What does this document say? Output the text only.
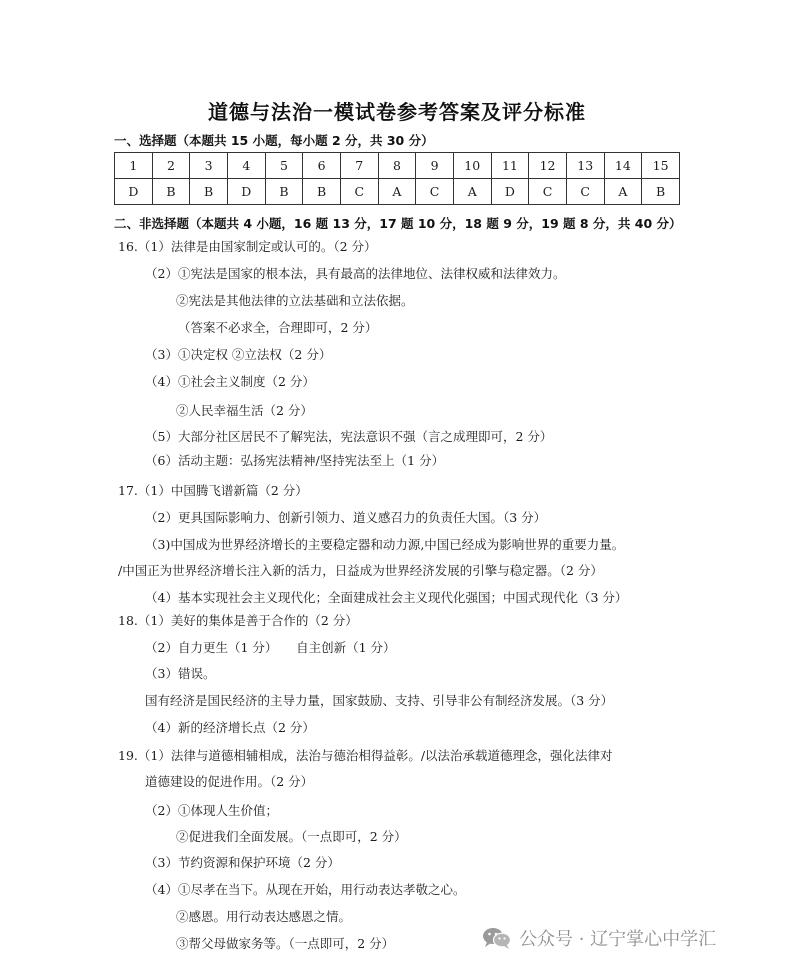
道德与法治一模试卷参考答案及评分标准
一、选择题（本题共 15 小题，每小题 2 分，共 30 分）
1	2	3	4	5	6	7	8	9	10	11	12	13	14	15
D	B	B	D	B	B	C	A	C	A	D	C	C	A	B
二、非选择题（本题共 4 小题，16 题 13 分，17 题 10 分，18 题 9 分，19 题 8 分，共 40 分）
16.（1）法律是由国家制定或认可的。（2 分）
（2）①宪法是国家的根本法，具有最高的法律地位、法律权威和法律效力。
②宪法是其他法律的立法基础和立法依据。
（答案不必求全，合理即可，2 分）
（3）①决定权 ②立法权（2 分）
（4）①社会主义制度（2 分）
②人民幸福生活（2 分）
（5）大部分社区居民不了解宪法，宪法意识不强（言之成理即可，2 分）
（6）活动主题：弘扬宪法精神/坚持宪法至上（1 分）
17.（1）中国腾飞谱新篇（2 分）
（2）更具国际影响力、创新引领力、道义感召力的负责任大国。（3 分）
（3)中国成为世界经济增长的主要稳定器和动力源,中国已经成为影响世界的重要力量。
/中国正为世界经济增长注入新的活力，日益成为世界经济发展的引擎与稳定器。（2 分）
（4）基本实现社会主义现代化；全面建成社会主义现代化强国；中国式现代化（3 分）
18.（1）美好的集体是善于合作的（2 分）
（2）自力更生（1 分）　　自主创新（1 分）
（3）错误。
国有经济是国民经济的主导力量，国家鼓励、支持、引导非公有制经济发展。（3 分）
（4）新的经济增长点（2 分）
19.（1）法律与道德相辅相成，法治与德治相得益彰。/以法治承载道德理念，强化法律对
道德建设的促进作用。（2 分）
（2）①体现人生价值；
②促进我们全面发展。（一点即可，2 分）
（3）节约资源和保护环境（2 分）
（4）①尽孝在当下。从现在开始，用行动表达孝敬之心。
②感恩。用行动表达感恩之情。
③帮父母做家务等。（一点即可，2 分）	公众号 · 辽宁掌心中学汇
